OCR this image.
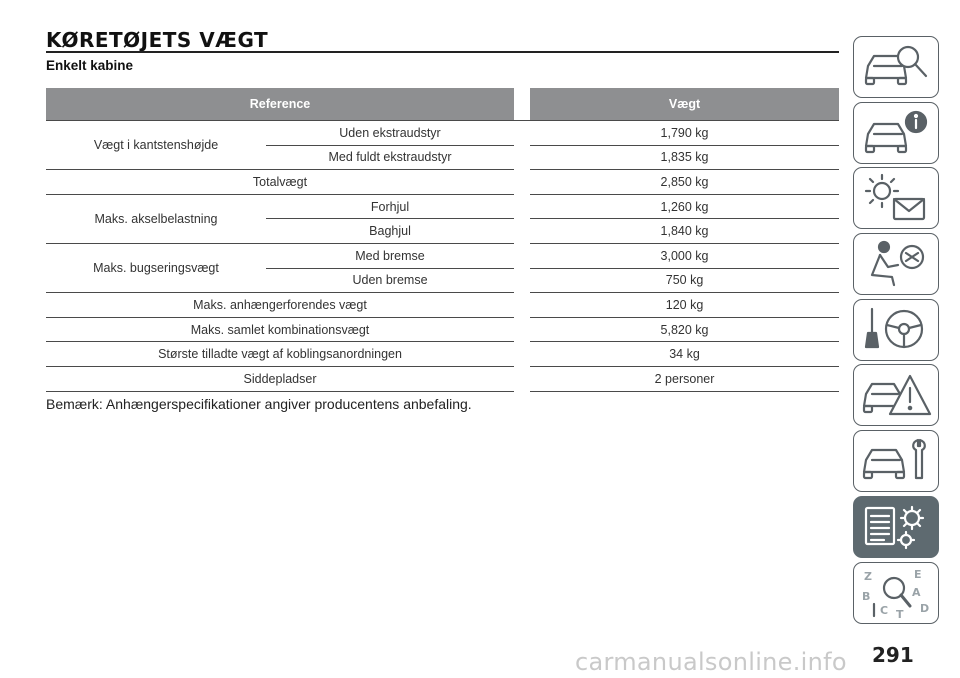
KØRETØJETS VÆGT
Enkelt kabine
Reference			Vægt
Vægt i kantstenshøjde	Uden ekstraudstyr		1,790 kg
	Med fuldt ekstraudstyr		1,835 kg
Totalvægt			2,850 kg
Maks. akselbelastning	Forhjul		1,260 kg
	Baghjul		1,840 kg
Maks. bugseringsvægt	Med bremse		3,000 kg
	Uden bremse		750 kg
Maks. anhængerforendes vægt			120 kg
Maks. samlet kombinationsvægt			5,820 kg
Største tilladte vægt af koblingsanordningen			34 kg
Siddepladser			2 personer
Bemærk: Anhængerspecifikationer angiver producentens anbefaling.
Z	E
B	A
C	D
T
carmanualsonline.info 291
